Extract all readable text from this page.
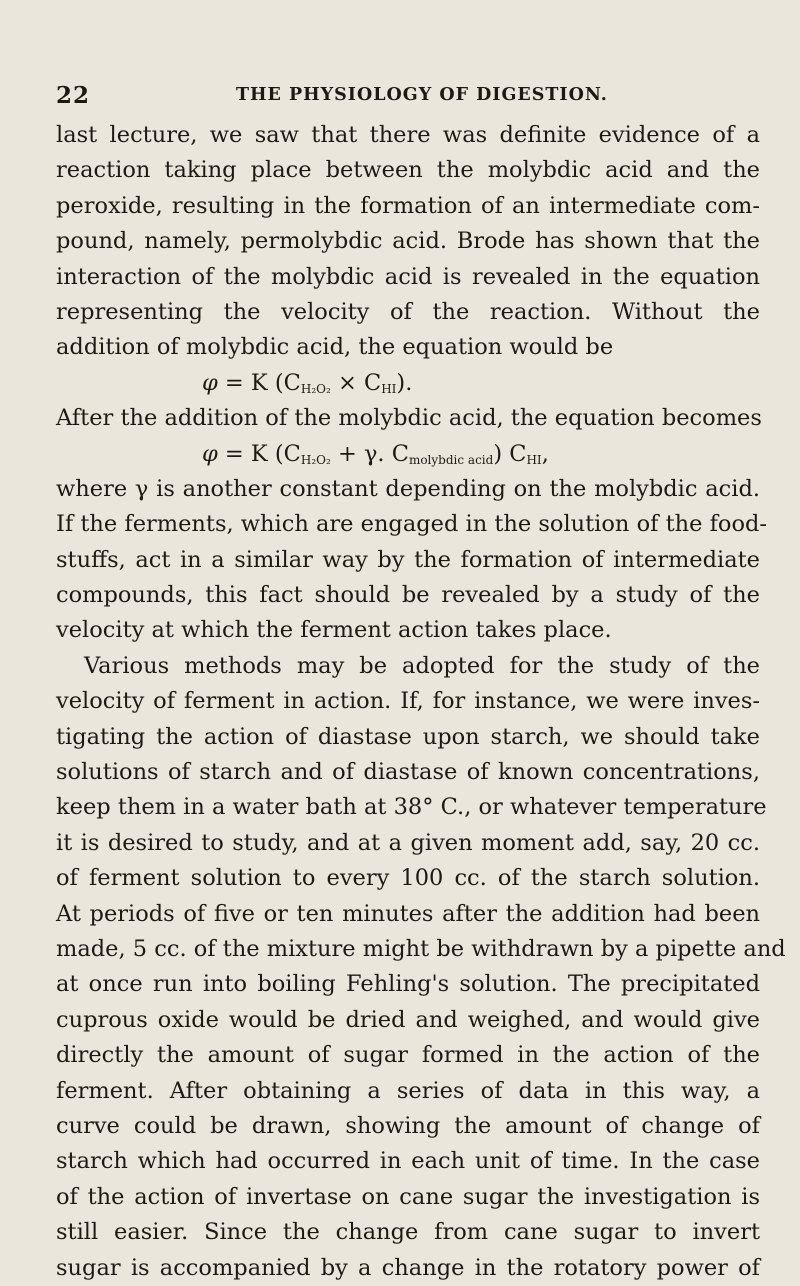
22	THE PHYSIOLOGY OF DIGESTION.
last lecture, we saw that there was definite evidence of a
reaction taking place between the molybdic acid and the
peroxide, resulting in the formation of an intermediate com-
pound, namely, permolybdic acid. Brode has shown that the
interaction of the molybdic acid is revealed in the equation
representing the velocity of the reaction. Without the
addition of molybdic acid, the equation would be
φ = K $(C_{H_2O_2} \times C_{HI})$.
After the addition of the molybdic acid, the equation becomes
φ = K ($C_{H_2O_2} + \gamma$. $C_{molybdic acid}$) $C_{HI}$,
where γ is another constant depending on the molybdic acid.
If the ferments, which are engaged in the solution of the food-
stuffs, act in a similar way by the formation of intermediate
compounds, this fact should be revealed by a study of the
velocity at which the ferment action takes place.
Various methods may be adopted for the study of the
velocity of ferment in action. If, for instance, we were inves-
tigating the action of diastase upon starch, we should take
solutions of starch and of diastase of known concentrations,
keep them in a water bath at 38° C., or whatever temperature
it is desired to study, and at a given moment add, say, 20 cc.
of ferment solution to every 100 cc. of the starch solution.
At periods of five or ten minutes after the addition had been
made, 5 cc. of the mixture might be withdrawn by a pipette and
at once run into boiling Fehling's solution. The precipitated
cuprous oxide would be dried and weighed, and would give
directly the amount of sugar formed in the action of the
ferment. After obtaining a series of data in this way, a
curve could be drawn, showing the amount of change of
starch which had occurred in each unit of time. In the case
of the action of invertase on cane sugar the investigation is
still easier. Since the change from cane sugar to invert
sugar is accompanied by a change in the rotatory power of
